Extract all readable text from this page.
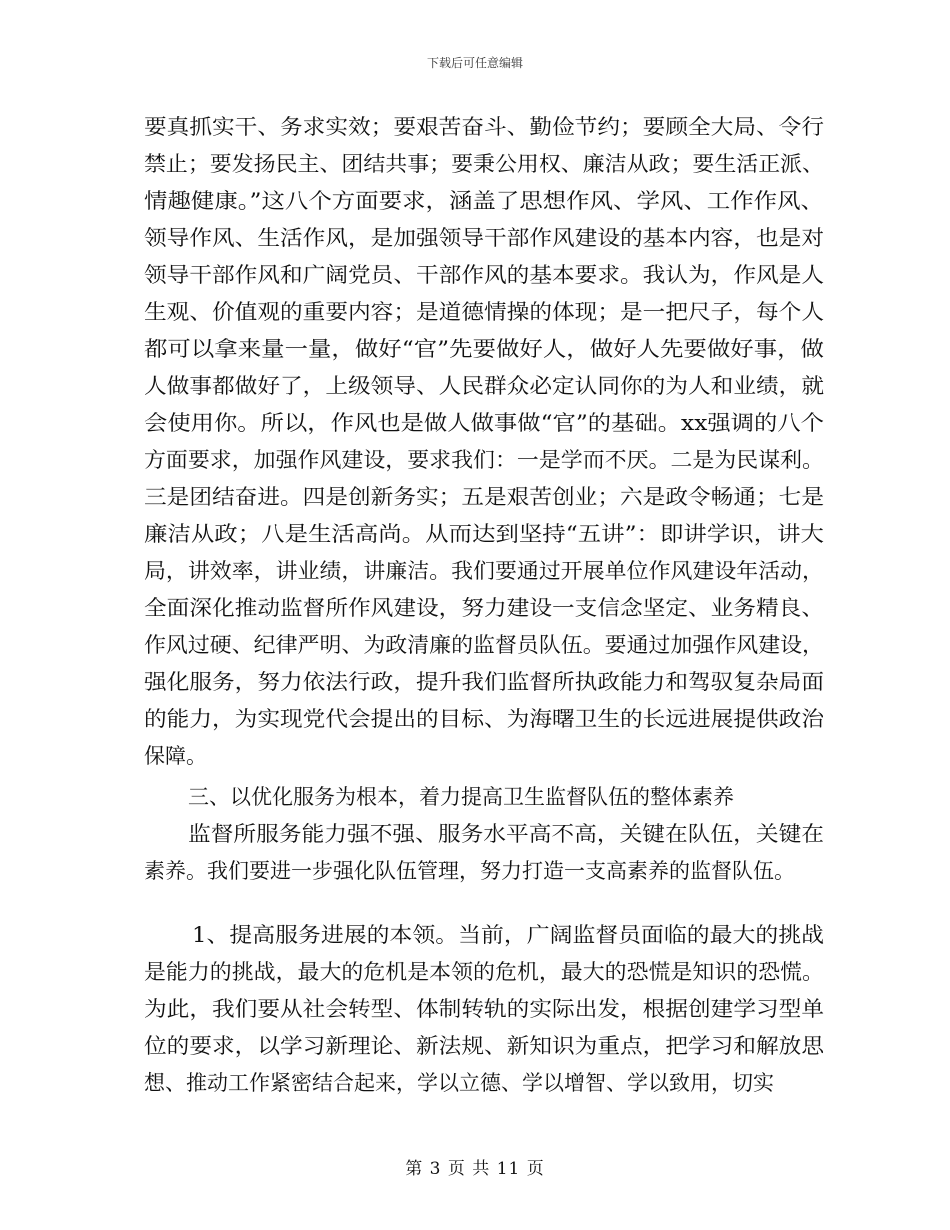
下载后可任意编辑
要真抓实干、务求实效；要艰苦奋斗、勤俭节约；要顾全大局、令行
禁止；要发扬民主、团结共事；要秉公用权、廉洁从政；要生活正派、
情趣健康。”这八个方面要求，涵盖了思想作风、学风、工作作风、
领导作风、生活作风，是加强领导干部作风建设的基本内容，也是对
领导干部作风和广阔党员、干部作风的基本要求。我认为，作风是人
生观、价值观的重要内容；是道德情操的体现；是一把尺子，每个人
都可以拿来量一量，做好“官”先要做好人，做好人先要做好事，做
人做事都做好了，上级领导、人民群众必定认同你的为人和业绩，就
会使用你。所以，作风也是做人做事做“官”的基础。xx强调的八个
方面要求，加强作风建设，要求我们：一是学而不厌。二是为民谋利。
三是团结奋进。四是创新务实；五是艰苦创业；六是政令畅通；七是
廉洁从政；八是生活高尚。从而达到坚持“五讲”：即讲学识，讲大
局，讲效率，讲业绩，讲廉洁。我们要通过开展单位作风建设年活动，
全面深化推动监督所作风建设，努力建设一支信念坚定、业务精良、
作风过硬、纪律严明、为政清廉的监督员队伍。要通过加强作风建设，
强化服务，努力依法行政，提升我们监督所执政能力和驾驭复杂局面
的能力，为实现党代会提出的目标、为海曙卫生的长远进展提供政治
保障。
三、以优化服务为根本，着力提高卫生监督队伍的整体素养
监督所服务能力强不强、服务水平高不高，关键在队伍，关键在
素养。我们要进一步强化队伍管理，努力打造一支高素养的监督队伍。
1、提高服务进展的本领。当前，广阔监督员面临的最大的挑战
是能力的挑战，最大的危机是本领的危机，最大的恐慌是知识的恐慌。
为此，我们要从社会转型、体制转轨的实际出发，根据创建学习型单
位的要求，以学习新理论、新法规、新知识为重点，把学习和解放思
想、推动工作紧密结合起来，学以立德、学以增智、学以致用，切实
第 3 页 共 11 页
